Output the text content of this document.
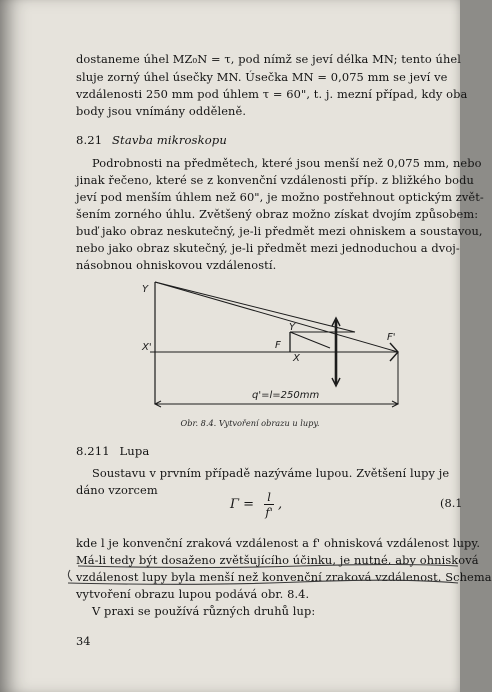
dostaneme úhel MZ₀N = τ, pod nímž se jeví délka MN; tento úhel
sluje zorný úhel úsečky MN. Úsečka MN = 0,075 mm se jeví ve
vzdálenosti 250 mm pod úhlem τ = 60", t. j. mezní případ, kdy oba
body jsou vnímány odděleně.
8.21 Stavba mikroskopu
Podrobnosti na předmětech, které jsou menší než 0,075 mm, nebo
jinak řečeno, které se z konvenční vzdálenosti příp. z bližkého bodu
jeví pod menším úhlem než 60", je možno postřehnout optickým zvět-
šením zorného úhlu. Zvětšený obraz možno získat dvojím způsobem:
buď jako obraz neskutečný, je-li předmět mezi ohniskem a soustavou,
nebo jako obraz skutečný, je-li předmět mezi jednoduchou a dvoj-
násobnou ohniskovou vzdáleností.
Y
X'
Y
X
F
F'
q'=l=250mm
Obr. 8.4. Vytvoření obrazu u lupy.
8.211 Lupa
Soustavu v prvním případě nazýváme lupou. Zvětšení lupy je
dáno vzorcem
$\Gamma = \frac{l}{f'}$ ,	(8.1
kde l je konvenční zraková vzdálenost a f' ohnisková vzdálenost lupy.
Má-li tedy být dosaženo zvětšujícího účinku, je nutné, aby ohnisková
vzdálenost lupy byla menší než konvenční zraková vzdálenost. Schema
vytvoření obrazu lupou podává obr. 8.4.
V praxi se používá různých druhů lup:
34
